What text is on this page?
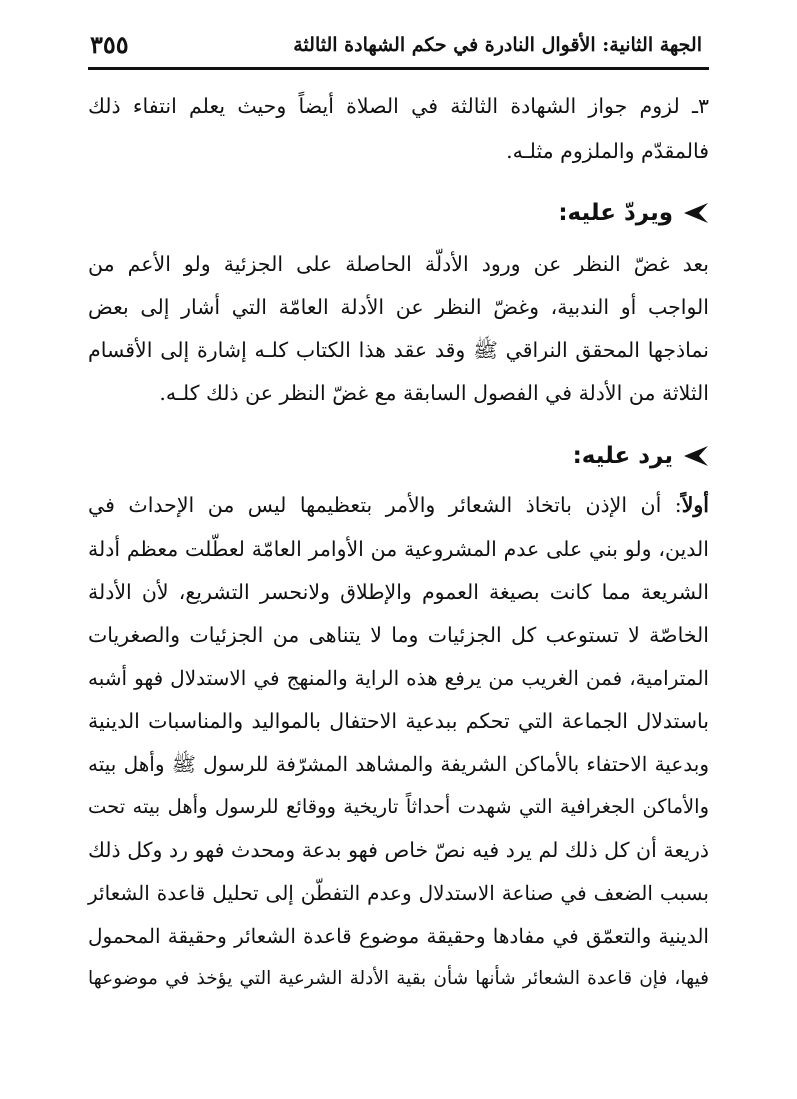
الجهة الثانية: الأقوال النادرة في حكم الشهادة الثالثة
٣٥٥
٣ـ لزوم جواز الشهادة الثالثة في الصلاة أيضاً وحيث يعلم انتفاء ذلك
فالمقدّم والملزوم مثلـه.
ويردّ عليه:
بعد غضّ النظر عن ورود الأدلّة الحاصلة على الجزئية ولو الأعم من
الواجب أو الندبية، وغضّ النظر عن الأدلة العامّة التي أشار إلى بعض
نماذجها المحقق النراقي ﷺ وقد عقد هذا الكتاب كلـه إشارة إلى الأقسام
الثلاثة من الأدلة في الفصول السابقة مع غضّ النظر عن ذلك كلـه.
يرد عليه:
أولاً: أن الإذن باتخاذ الشعائر والأمر بتعظيمها ليس من الإحداث في
الدين، ولو بني على عدم المشروعية من الأوامر العامّة لعطّلت معظم أدلة
الشريعة مما كانت بصيغة العموم والإطلاق ولانحسر التشريع، لأن الأدلة
الخاصّة لا تستوعب كل الجزئيات وما لا يتناهى من الجزئيات والصغريات
المترامية، فمن الغريب من يرفع هذه الراية والمنهج في الاستدلال فهو أشبه
باستدلال الجماعة التي تحكم ببدعية الاحتفال بالمواليد والمناسبات الدينية
وبدعية الاحتفاء بالأماكن الشريفة والمشاهد المشرّفة للرسول ﷺ وأهل بيته
والأماكن الجغرافية التي شهدت أحداثاً تاريخية ووقائع للرسول وأهل بيته تحت
ذريعة أن كل ذلك لم يرد فيه نصّ خاص فهو بدعة ومحدث فهو رد وكل ذلك
بسبب الضعف في صناعة الاستدلال وعدم التفطّن إلى تحليل قاعدة الشعائر
الدينية والتعمّق في مفادها وحقيقة موضوع قاعدة الشعائر وحقيقة المحمول
فيها، فإن قاعدة الشعائر شأنها شأن بقية الأدلة الشرعية التي يؤخذ في موضوعها
